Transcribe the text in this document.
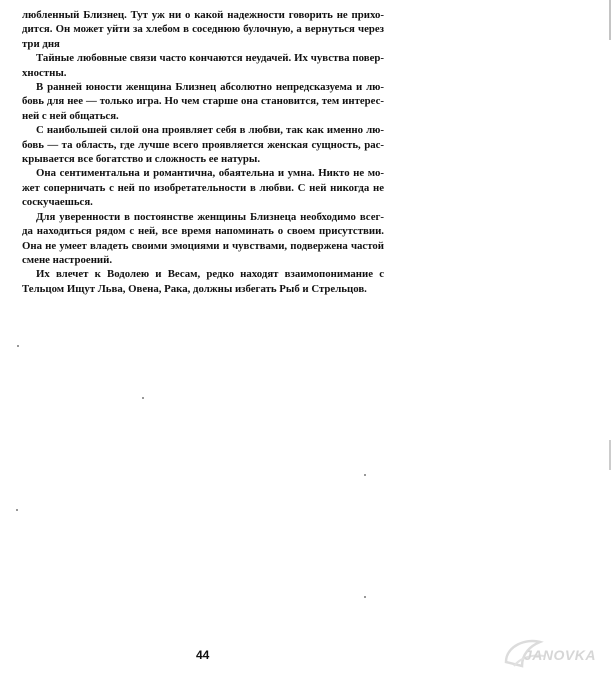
любленный Близнец. Тут уж ни о какой надежности говорить не прихо-
дится. Он может уйти за хлебом в соседнюю булочную, а вернуться через
три дня
Тайные любовные связи часто кончаются неудачей. Их чувства повер-
хностны.
В ранней юности женщина Близнец абсолютно непредсказуема и лю-
бовь для нее — только игра. Но чем старше она становится, тем интерес-
ней с ней общаться.
С наибольшей силой она проявляет себя в любви, так как именно лю-
бовь — та область, где лучше всего проявляется женская сущность, рас-
крывается все богатство и сложность ее натуры.
Она сентиментальна и романтична, обаятельна и умна. Никто не мо-
жет соперничать с ней по изобретательности в любви. С ней никогда не
соскучаешься.
Для уверенности в постоянстве женщины Близнеца необходимо всег-
да находиться рядом с ней, все время напоминать о своем присутствии.
Она не умеет владеть своими эмоциями и чувствами, подвержена частой
смене настроений.
Их влечет к Водолею и Весам, редко находят взаимопонимание с
Тельцом Ищут Льва, Овена, Рака, должны избегать Рыб и Стрельцов.
44	JANOVKA
